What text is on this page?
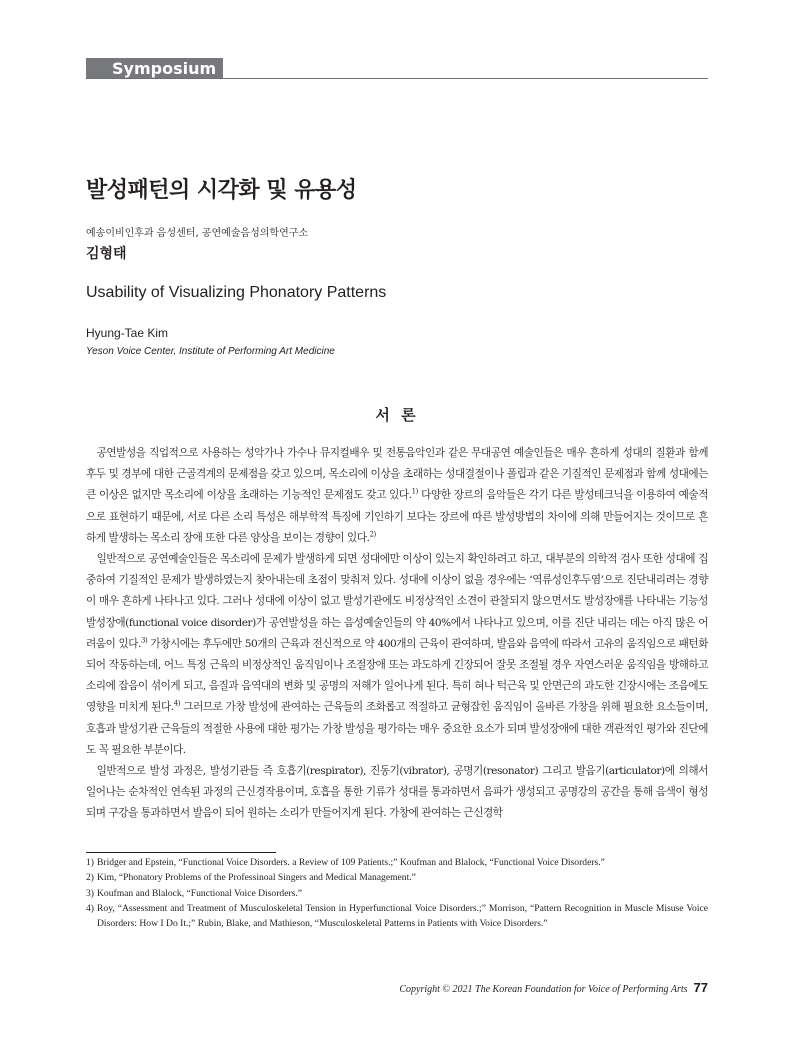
Symposium
발성패턴의 시각화 및 유용성
예송이비인후과 음성센터, 공연예술음성의학연구소
김형태
Usability of Visualizing Phonatory Patterns
Hyung-Tae Kim
Yeson Voice Center, Institute of Performing Art Medicine
서 론

공연발성을 직업적으로 사용하는 성악가나 가수나 뮤지컬배우 및 전통음악인과 같은 무대공연 예술인들은 매우 흔하게 성대의 질환과 함께 후두 및 경부에 대한 근골격계의 문제점을 갖고 있으며, 목소리에 이상을 초래하는 성대결절이나 폴립과 같은 기질적인 문제점과 함께 성대에는 큰 이상은 없지만 목소리에 이상을 초래하는 기능적인 문제점도 갖고 있다.$^{1)}$ 다양한 장르의 음악들은 각기 다른 발성테크닉을 이용하여 예술적으로 표현하기 때문에, 서로 다른 소리 특성은 해부학적 특징에 기인하기 보다는 장르에 따른 발성방법의 차이에 의해 만들어지는 것이므로 흔하게 발생하는 목소리 장애 또한 다른 양상을 보이는 경향이 있다.$^{2)}$

일반적으로 공연예술인들은 목소리에 문제가 발생하게 되면 성대에만 이상이 있는지 확인하려고 하고, 대부분의 의학적 검사 또한 성대에 집중하여 기질적인 문제가 발생하였는지 찾아내는데 초점이 맞춰져 있다. 성대에 이상이 없을 경우에는 ‘역류성인후두염’으로 진단내리려는 경향이 매우 흔하게 나타나고 있다. 그러나 성대에 이상이 없고 발성기관에도 비정상적인 소견이 관찰되지 않으면서도 발성장애를 나타내는 기능성 발성장애(functional voice disorder)가 공연발성을 하는 음성예술인들의 약 40%에서 나타나고 있으며, 이를 진단 내리는 데는 아직 많은 어려움이 있다.$^{3)}$ 가창시에는 후두에만 50개의 근육과 전신적으로 약 400개의 근육이 관여하며, 발음와 음역에 따라서 고유의 움직임으로 패턴화 되어 작동하는데, 어느 특정 근육의 비정상적인 움직임이나 조절장애 또는 과도하게 긴장되어 잘못 조절될 경우 자연스러운 움직임을 방해하고 소리에 잡음이 섞이게 되고, 음질과 음역대의 변화 및 공명의 저해가 일어나게 된다. 특히 혀나 턱근육 및 안면근의 과도한 긴장시에는 조음에도 영향을 미치게 된다.$^{4)}$ 그러므로 가창 발성에 관여하는 근육들의 조화롭고 적절하고 균형잡힌 움직임이 올바른 가창을 위해 필요한 요소들이며, 호흡과 발성기관 근육들의 적절한 사용에 대한 평가는 가창 발성을 평가하는 매우 중요한 요소가 되며 발성장애에 대한 객관적인 평가와 진단에도 꼭 필요한 부분이다.

일반적으로 발성 과정은, 발성기관들 즉 호흡기(respirator), 진동기(vibrator), 공명기(resonator) 그리고 발음기(articulator)에 의해서 일어나는 순차적인 연속된 과정의 근신경작용이며, 호흡을 통한 기류가 성대를 통과하면서 음파가 생성되고 공명강의 공간을 통해 음색이 형성되며 구강을 통과하면서 발음이 되어 원하는 소리가 만들어지게 된다. 가창에 관여하는 근신경학

1) Bridger and Epstein, “Functional Voice Disorders. a Review of 109 Patients.;” Koufman and Blalock, “Functional Voice Disorders.”
2) Kim, “Phonatory Problems of the Professinoal Singers and Medical Management.”
3) Koufman and Blalock, “Functional Voice Disorders.”
4) Roy, “Assessment and Treatment of Musculoskeletal Tension in Hyperfunctional Voice Disorders.;” Morrison, “Pattern Recognition in Muscle Misuse Voice Disorders: How I Do It.;” Rubin, Blake, and Mathieson, “Musculoskeletal Patterns in Patients with Voice Disorders.”
Copyright © 2021 The Korean Foundation for Voice of Performing Arts 77
